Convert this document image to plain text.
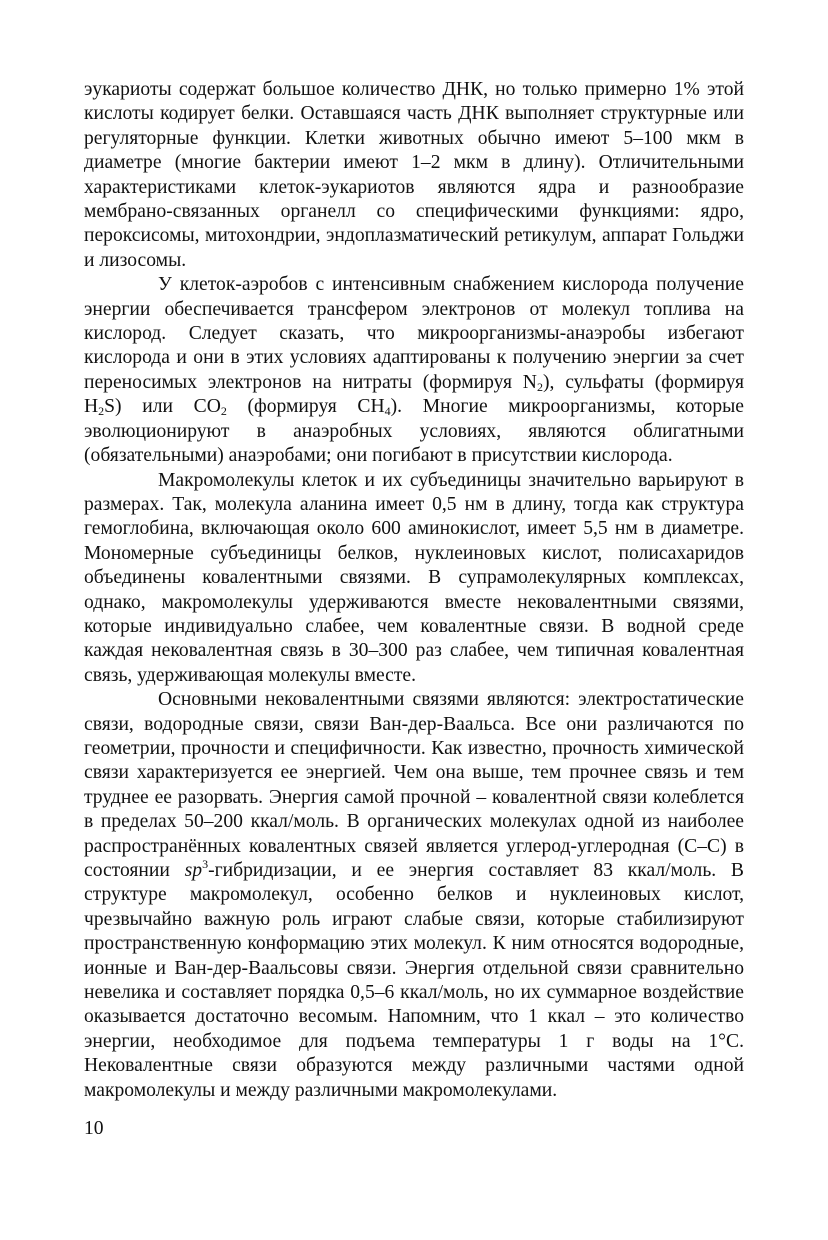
эукариоты содержат большое количество ДНК, но только примерно 1% этой кислоты кодирует белки. Оставшаяся часть ДНК выполняет структурные или регуляторные функции. Клетки животных обычно имеют 5–100 мкм в диаметре (многие бактерии имеют 1–2 мкм в длину). Отличительными характеристиками клеток-эукариотов являются ядра и разнообразие мембрано-связанных органелл со специфическими функциями: ядро, пероксисомы, митохондрии, эндоплазматический ретикулум, аппарат Гольджи и лизосомы.

У клеток-аэробов с интенсивным снабжением кислорода получение энергии обеспечивается трансфером электронов от молекул топлива на кислород. Следует сказать, что микроорганизмы-анаэробы избегают кислорода и они в этих условиях адаптированы к получению энергии за счет переносимых электронов на нитраты (формируя $N_2$), сульфаты (формируя $H_2S$) или $CO_2$ (формируя $CH_4$). Многие микроорганизмы, которые эволюционируют в анаэробных условиях, являются облигатными (обязательными) анаэробами; они погибают в присутствии кислорода.

Макромолекулы клеток и их субъединицы значительно варьируют в размерах. Так, молекула аланина имеет 0,5 нм в длину, тогда как структура гемоглобина, включающая около 600 аминокислот, имеет 5,5 нм в диаметре. Мономерные субъединицы белков, нуклеиновых кислот, полисахаридов объединены ковалентными связями. В супрамолекулярных комплексах, однако, макромолекулы удерживаются вместе нековалентными связями, которые индивидуально слабее, чем ковалентные связи. В водной среде каждая нековалентная связь в 30–300 раз слабее, чем типичная ковалентная связь, удерживающая молекулы вместе.

Основными нековалентными связями являются: электростатические связи, водородные связи, связи Ван-дер-Ваальса. Все они различаются по геометрии, прочности и специфичности. Как известно, прочность химической связи характеризуется ее энергией. Чем она выше, тем прочнее связь и тем труднее ее разорвать. Энергия самой прочной – ковалентной связи колеблется в пределах 50–200 ккал/моль. В органических молекулах одной из наиболее распространённых ковалентных связей является углерод-углеродная (C–C) в состоянии $sp^3$-гибридизации, и ее энергия составляет 83 ккал/моль. В структуре макромолекул, особенно белков и нуклеиновых кислот, чрезвычайно важную роль играют слабые связи, которые стабилизируют пространственную конформацию этих молекул. К ним относятся водородные, ионные и Ван-дер-Ваальсовы связи. Энергия отдельной связи сравнительно невелика и составляет порядка 0,5–6 ккал/моль, но их суммарное воздействие оказывается достаточно весомым. Напомним, что 1 ккал – это количество энергии, необходимое для подъема температуры 1 г воды на 1°C. Нековалентные связи образуются между различными частями одной макромолекулы и между различными макромолекулами.

10
